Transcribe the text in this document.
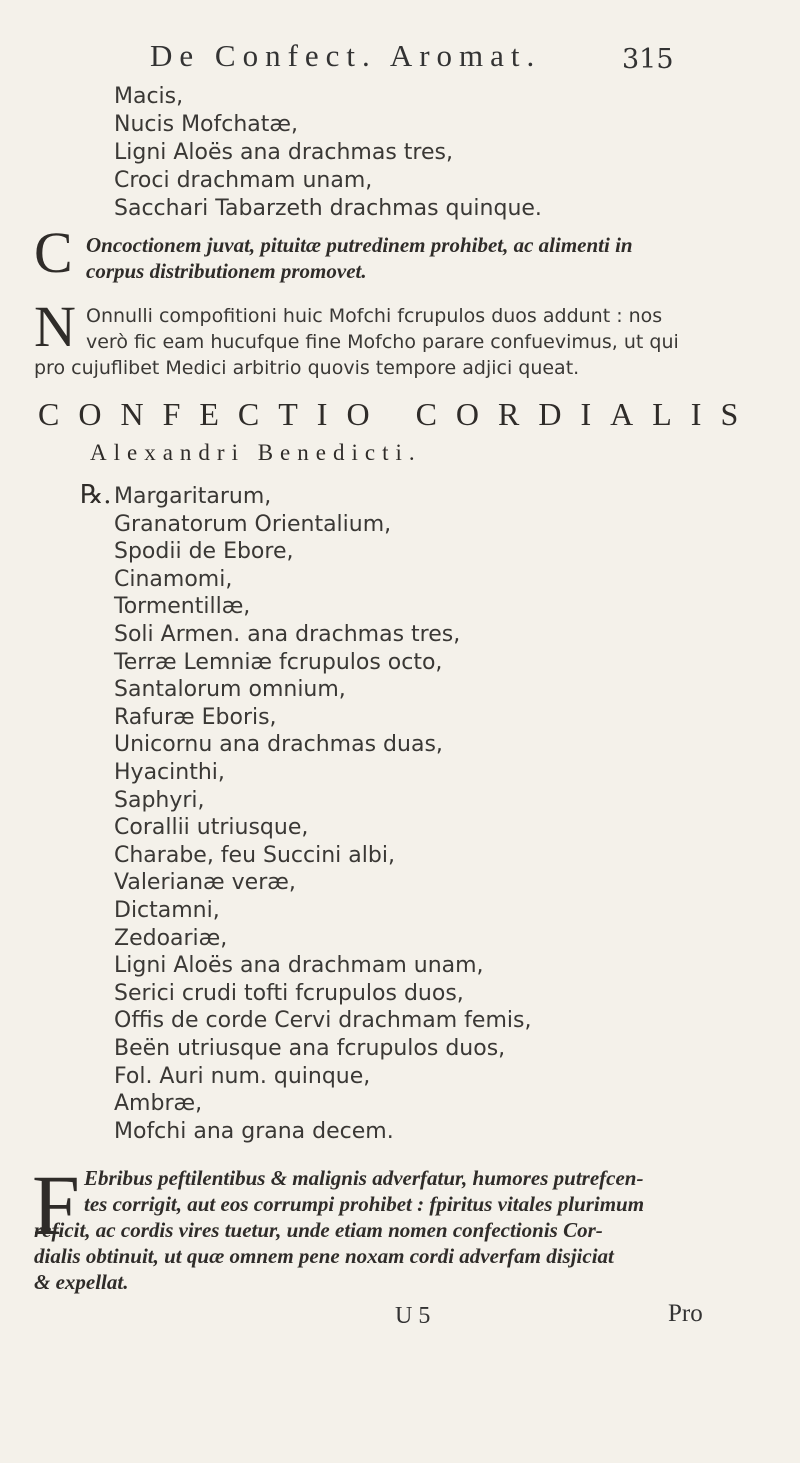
De Confect. Aromat.	315
Macis,
Nucis Mofchatæ,
Ligni Aloës ana drachmas tres,
Croci drachmam unam,
Sacchari Tabarzeth drachmas quinque.
C Oncoctionem juvat, pituitæ putredinem prohibet, ac alimenti in
corpus distributionem promovet.
N Onnulli compofitioni huic Mofchi fcrupulos duos addunt : nos
verò fic eam hucufque fine Mofcho parare confuevimus, ut qui
pro cujuflibet Medici arbitrio quovis tempore adjici queat.
CONFECTIO CORDIALIS
Alexandri Benedicti.
℞. Margaritarum,
Granatorum Orientalium,
Spodii de Ebore,
Cinamomi,
Tormentillæ,
Soli Armen. ana drachmas tres,
Terræ Lemniæ fcrupulos octo,
Santalorum omnium,
Rafuræ Eboris,
Unicornu ana drachmas duas,
Hyacinthi,
Saphyri,
Corallii utriusque,
Charabe, feu Succini albi,
Valerianæ veræ,
Dictamni,
Zedoariæ,
Ligni Aloës ana drachmam unam,
Serici crudi tofti fcrupulos duos,
Offis de corde Cervi drachmam femis,
Beën utriusque ana fcrupulos duos,
Fol. Auri num. quinque,
Ambræ,
Mofchi ana grana decem.
F Ebribus peftilentibus & malignis adverfatur, humores putrefcen-
tes corrigit, aut eos corrumpi prohibet : fpiritus vitales plurimum
reficit, ac cordis vires tuetur, unde etiam nomen confectionis Cor-
dialis obtinuit, ut quæ omnem pene noxam cordi adverfam disjiciat
& expellat.
U 5	Pro
